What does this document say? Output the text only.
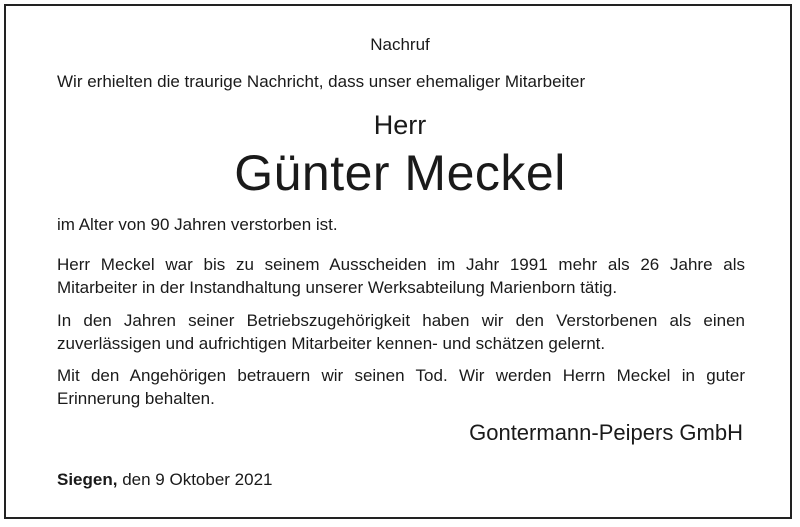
Nachruf
Wir erhielten die traurige Nachricht, dass unser ehemaliger Mitarbeiter
Herr
Günter Meckel
im Alter von 90 Jahren verstorben ist.
Herr Meckel war bis zu seinem Ausscheiden im Jahr 1991 mehr als 26 Jahre als Mitarbeiter in der Instandhaltung unserer Werksabteilung Marienborn tätig.
In den Jahren seiner Betriebszugehörigkeit haben wir den Verstorbenen als einen zuverlässigen und aufrichtigen Mitarbeiter kennen- und schätzen gelernt.
Mit den Angehörigen betrauern wir seinen Tod. Wir werden Herrn Meckel in guter Erinnerung behalten.
Gontermann-Peipers GmbH
Siegen, den 9 Oktober 2021
